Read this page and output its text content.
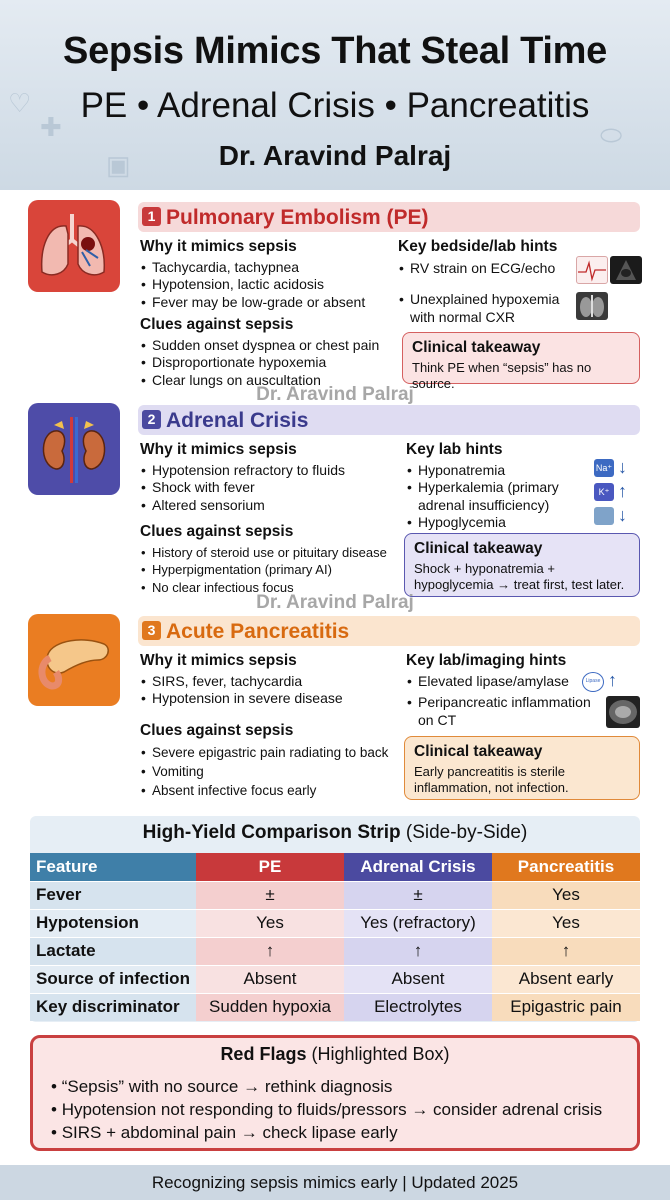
♡
✚
▣
⬭
Sepsis Mimics That Steal Time
PE • Adrenal Crisis • Pancreatitis
Dr. Aravind Palraj
1 Pulmonary Embolism (PE)
Why it mimics sepsis
• Tachycardia, tachypnea
• Hypotension, lactic acidosis
• Fever may be low-grade or absent
Clues against sepsis
• Sudden onset dyspnea or chest pain
• Disproportionate hypoxemia
• Clear lungs on auscultation
Key bedside/lab hints
• RV strain on ECG/echo
• Unexplained hypoxemia with normal CXR
Clinical takeaway
Think PE when “sepsis” has no source.
Dr. Aravind Palraj
2 Adrenal Crisis
Why it mimics sepsis
• Hypotension refractory to fluids
• Shock with fever
• Altered sensorium
Clues against sepsis
• History of steroid use or pituitary disease
• Hyperpigmentation (primary AI)
• No clear infectious focus
Key lab hints
• Hyponatremia
• Hyperkalemia (primary adrenal insufficiency)
• Hypoglycemia
Na⁺ ↓
K⁺ ↑
↓
Clinical takeaway
Shock + hyponatremia + hypoglycemia → treat first, test later.
Dr. Aravind Palraj
3 Acute Pancreatitis
Why it mimics sepsis
• SIRS, fever, tachycardia
• Hypotension in severe disease
Clues against sepsis
• Severe epigastric pain radiating to back
• Vomiting
• Absent infective focus early
Key lab/imaging hints
• Elevated lipase/amylase
• Peripancreatic inflammation on CT
Lipase ↑
Clinical takeaway
Early pancreatitis is sterile inflammation, not infection.
High-Yield Comparison Strip (Side-by-Side)
Feature	PE	Adrenal Crisis	Pancreatitis
Fever	±	±	Yes
Hypotension	Yes	Yes (refractory)	Yes
Lactate	↑	↑	↑
Source of infection	Absent	Absent	Absent early
Key discriminator	Sudden hypoxia	Electrolytes	Epigastric pain
Red Flags (Highlighted Box)
• “Sepsis” with no source → rethink diagnosis
• Hypotension not responding to fluids/pressors → consider adrenal crisis
• SIRS + abdominal pain → check lipase early
Recognizing sepsis mimics early | Updated 2025
